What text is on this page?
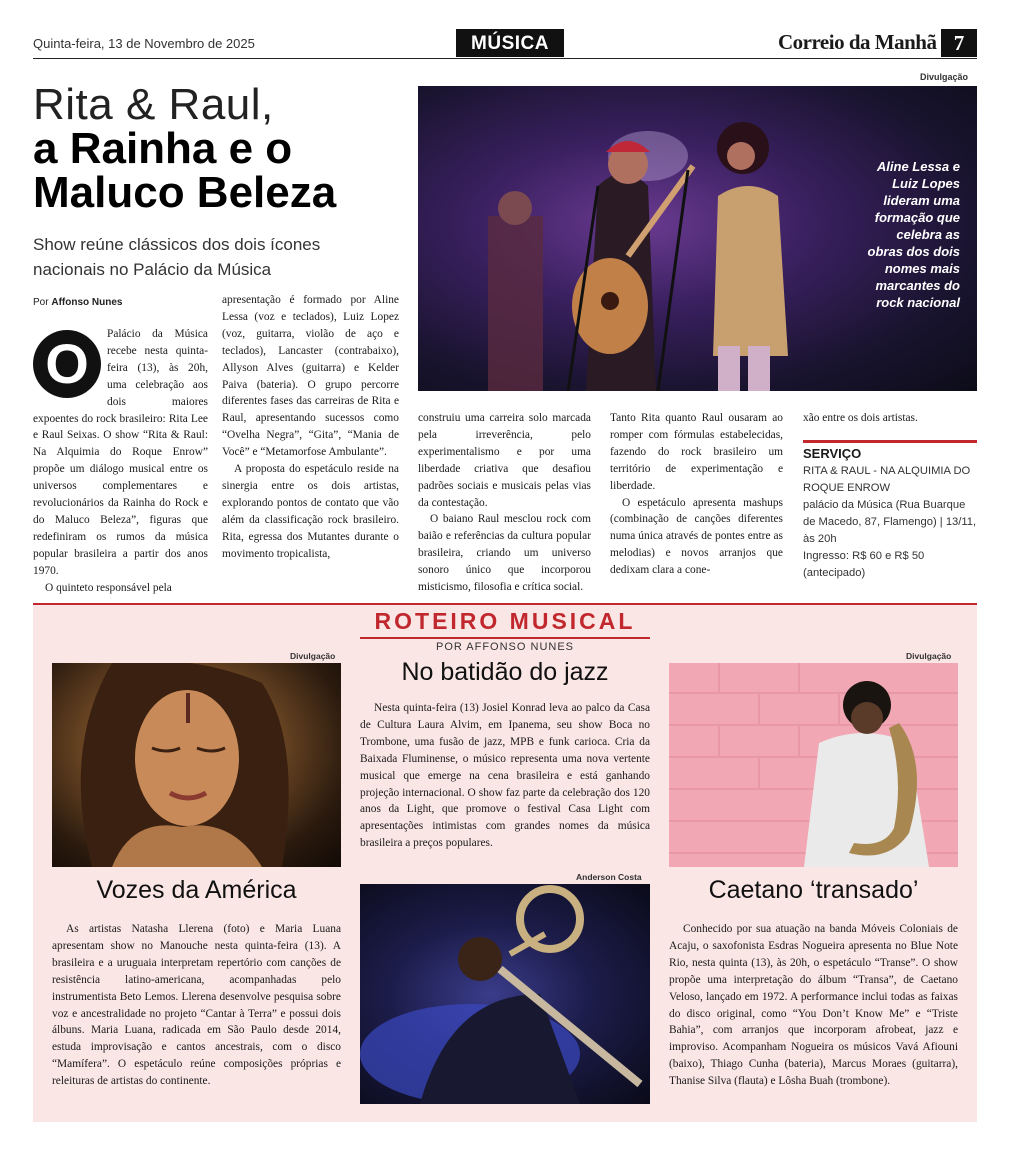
Quinta-feira, 13 de Novembro de 2025	MÚSICA	Correio da Manhã 7
Rita & Raul,
a Rainha e o
Maluco Beleza
Show reúne clássicos dos dois ícones nacionais no Palácio da Música
Por Affonso Nunes
O	Palácio da Música recebe nesta quinta-feira (13), às 20h, uma celebração aos dois maiores expoentes do rock brasileiro: Rita Lee e Raul Seixas. O show “Rita & Raul: Na Alquimia do Roque Enrow” propõe um diálogo musical entre os universos complementares e revolucionários da Rainha do Rock e do Maluco Beleza”, figuras que redefiniram os rumos da música popular brasileira a partir dos anos 1970.

O quinteto responsável pela

apresentação é formado por Aline Lessa (voz e teclados), Luiz Lopez (voz, guitarra, violão de aço e teclados), Lancaster (contrabaixo), Allyson Alves (guitarra) e Kelder Paiva (bateria). O grupo percorre diferentes fases das carreiras de Rita e Raul, apresentando sucessos como “Ovelha Negra”, “Gita”, “Mania de Você” e “Metamorfose Ambulante”.

A proposta do espetáculo reside na sinergia entre os dois artistas, explorando pontos de contato que vão além da classificação rock brasileiro. Rita, egressa dos Mutantes durante o movimento tropicalista,

construiu uma carreira solo marcada pela irreverência, pelo experimentalismo e por uma liberdade criativa que desafiou padrões sociais e musicais pelas vias da contestação.

O baiano Raul mesclou rock com baião e referências da cultura popular brasileira, criando um universo sonoro único que incorporou misticismo, filosofia e crítica social.

Tanto Rita quanto Raul ousaram ao romper com fórmulas estabelecidas, fazendo do rock brasileiro um território de experimentação e liberdade.

O espetáculo apresenta mashups (combinação de canções diferentes numa única através de pontes entre as melodias) e novos arranjos que dedixam clara a cone-

xão entre os dois artistas.

Divulgação
Aline Lessa e Luiz Lopes lideram uma formação que celebra as obras dos dois nomes mais marcantes do rock nacional
SERVIÇO
RITA & RAUL - NA ALQUIMIA DO ROQUE ENROW
palácio da Música (Rua Buarque de Macedo, 87, Flamengo) | 13/11, às 20h
Ingresso: R$ 60 e R$ 50 (antecipado)
ROTEIRO MUSICAL
POR AFFONSO NUNES
Divulgação
Vozes da América

As artistas Natasha Llerena (foto) e Maria Luana apresentam show no Manouche nesta quinta-feira (13). A brasileira e a uruguaia interpretam repertório com canções de resistência latino-americana, acompanhadas pelo instrumentista Beto Lemos. Llerena desenvolve pesquisa sobre voz e ancestralidade no projeto “Cantar à Terra” e possui dois álbuns. Maria Luana, radicada em São Paulo desde 2014, estuda improvisação e cantos ancestrais, com o disco “Mamífera”. O espetáculo reúne composições próprias e releituras de artistas do continente.

No batidão do jazz

Nesta quinta-feira (13) Josiel Konrad leva ao palco da Casa de Cultura Laura Alvim, em Ipanema, seu show Boca no Trombone, uma fusão de jazz, MPB e funk carioca. Cria da Baixada Fluminense, o músico representa uma nova vertente musical que emerge na cena brasileira e está ganhando projeção internacional. O show faz parte da celebração dos 120 anos da Light, que promove o festival Casa Light com apresentações intimistas com grandes nomes da música brasileira a preços populares.

Anderson Costa
Divulgação
Caetano ‘transado’

Conhecido por sua atuação na banda Móveis Coloniais de Acaju, o saxofonista Esdras Nogueira apresenta no Blue Note Rio, nesta quinta (13), às 20h, o espetáculo “Transe”. O show propõe uma interpretação do álbum “Transa”, de Caetano Veloso, lançado em 1972. A performance inclui todas as faixas do disco original, como “You Don’t Know Me” e “Triste Bahia”, com arranjos que incorporam afrobeat, jazz e improviso. Acompanham Nogueira os músicos Vavá Afiouni (baixo), Thiago Cunha (bateria), Marcus Moraes (guitarra), Thanise Silva (flauta) e Lôsha Buah (trombone).
